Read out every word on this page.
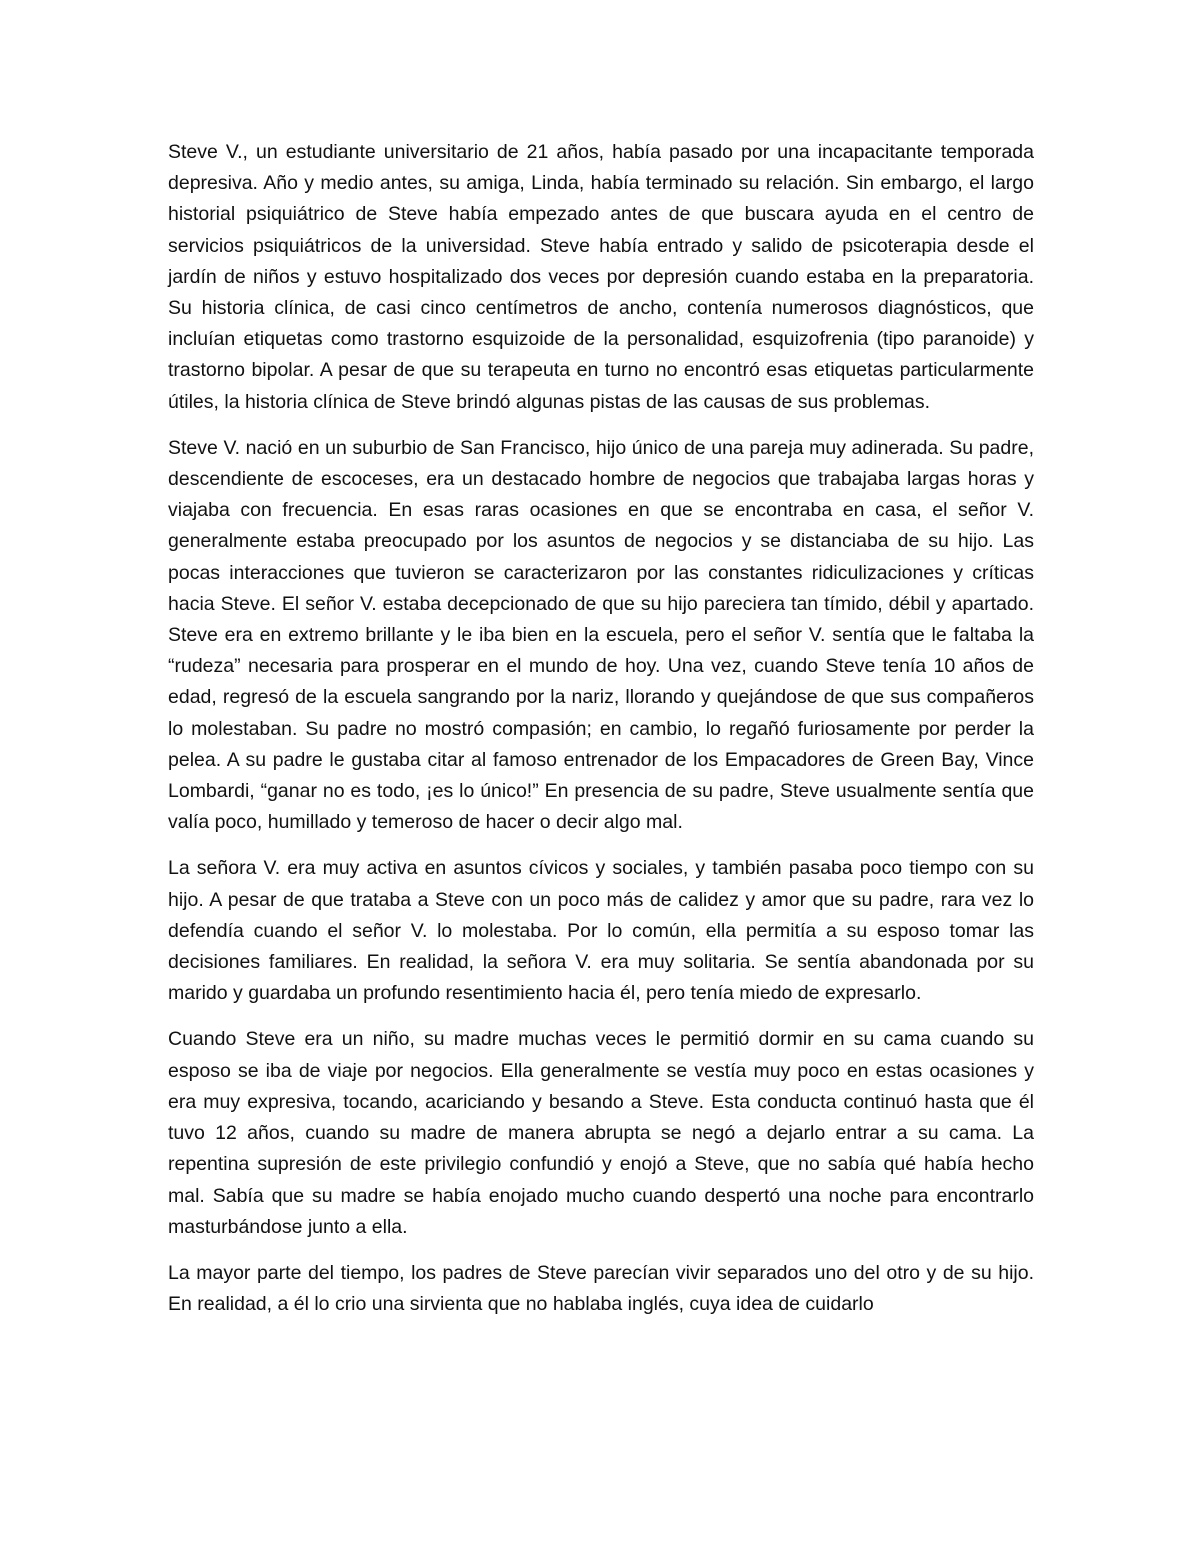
Steve V., un estudiante universitario de 21 años, había pasado por una incapacitante temporada depresiva. Año y medio antes, su amiga, Linda, había terminado su relación. Sin embargo, el largo historial psiquiátrico de Steve había empezado antes de que buscara ayuda en el centro de servicios psiquiátricos de la universidad. Steve había entrado y salido de psicoterapia desde el jardín de niños y estuvo hospitalizado dos veces por depresión cuando estaba en la preparatoria. Su historia clínica, de casi cinco centímetros de ancho, contenía numerosos diagnósticos, que incluían etiquetas como trastorno esquizoide de la personalidad, esquizofrenia (tipo paranoide) y trastorno bipolar. A pesar de que su terapeuta en turno no encontró esas etiquetas particularmente útiles, la historia clínica de Steve brindó algunas pistas de las causas de sus problemas.

Steve V. nació en un suburbio de San Francisco, hijo único de una pareja muy adinerada. Su padre, descendiente de escoceses, era un destacado hombre de negocios que trabajaba largas horas y viajaba con frecuencia. En esas raras ocasiones en que se encontraba en casa, el señor V. generalmente estaba preocupado por los asuntos de negocios y se distanciaba de su hijo. Las pocas interacciones que tuvieron se caracterizaron por las constantes ridiculizaciones y críticas hacia Steve. El señor V. estaba decepcionado de que su hijo pareciera tan tímido, débil y apartado. Steve era en extremo brillante y le iba bien en la escuela, pero el señor V. sentía que le faltaba la “rudeza” necesaria para prosperar en el mundo de hoy. Una vez, cuando Steve tenía 10 años de edad, regresó de la escuela sangrando por la nariz, llorando y quejándose de que sus compañeros lo molestaban. Su padre no mostró compasión; en cambio, lo regañó furiosamente por perder la pelea. A su padre le gustaba citar al famoso entrenador de los Empacadores de Green Bay, Vince Lombardi, “ganar no es todo, ¡es lo único!” En presencia de su padre, Steve usualmente sentía que valía poco, humillado y temeroso de hacer o decir algo mal.

La señora V. era muy activa en asuntos cívicos y sociales, y también pasaba poco tiempo con su hijo. A pesar de que trataba a Steve con un poco más de calidez y amor que su padre, rara vez lo defendía cuando el señor V. lo molestaba. Por lo común, ella permitía a su esposo tomar las decisiones familiares. En realidad, la señora V. era muy solitaria. Se sentía abandonada por su marido y guardaba un profundo resentimiento hacia él, pero tenía miedo de expresarlo.

Cuando Steve era un niño, su madre muchas veces le permitió dormir en su cama cuando su esposo se iba de viaje por negocios. Ella generalmente se vestía muy poco en estas ocasiones y era muy expresiva, tocando, acariciando y besando a Steve. Esta conducta continuó hasta que él tuvo 12 años, cuando su madre de manera abrupta se negó a dejarlo entrar a su cama. La repentina supresión de este privilegio confundió y enojó a Steve, que no sabía qué había hecho mal. Sabía que su madre se había enojado mucho cuando despertó una noche para encontrarlo masturbándose junto a ella.

La mayor parte del tiempo, los padres de Steve parecían vivir separados uno del otro y de su hijo. En realidad, a él lo crio una sirvienta que no hablaba inglés, cuya idea de cuidarlo
